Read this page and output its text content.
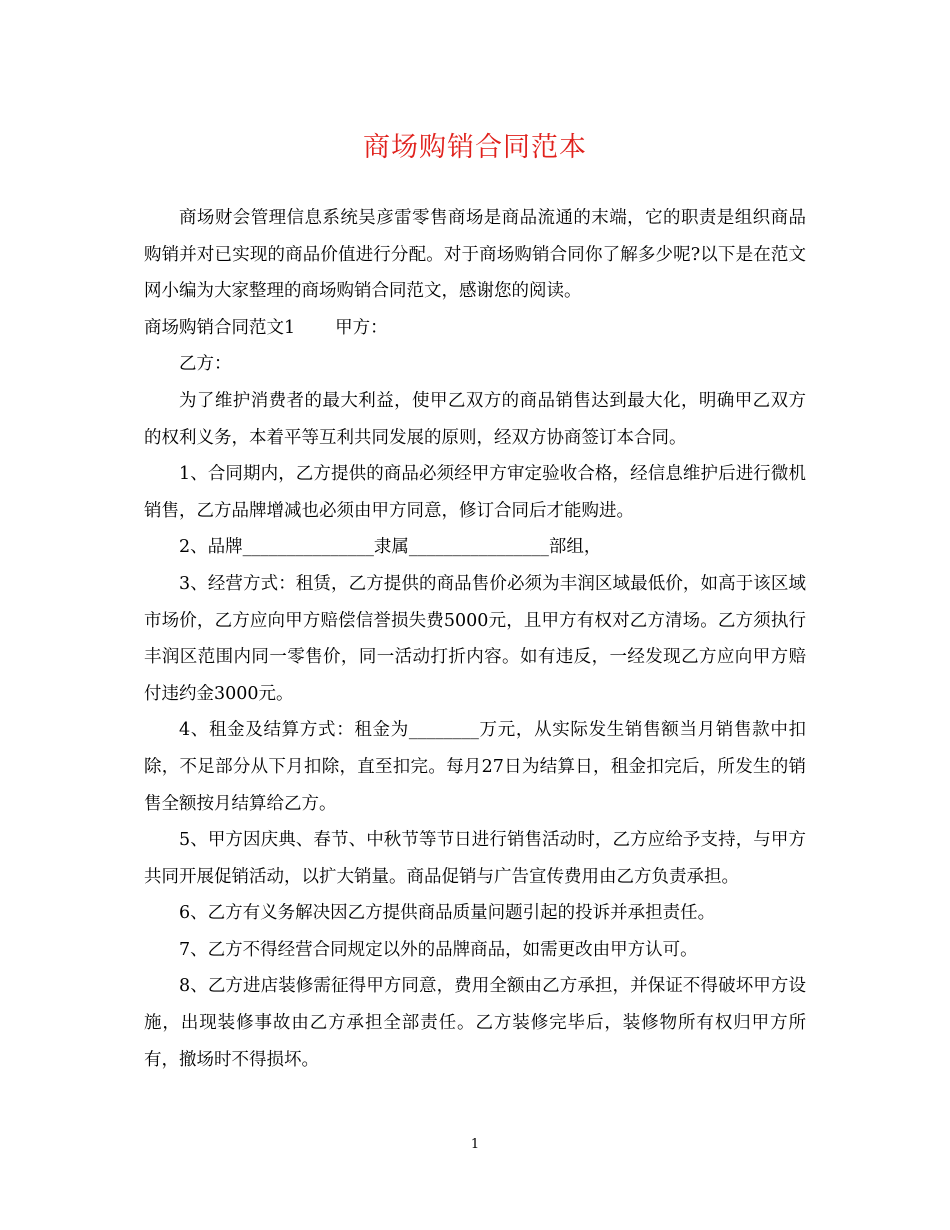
商场购销合同范本

商场财会管理信息系统吴彦雷零售商场是商品流通的末端，它的职责是组织商品购销并对已实现的商品价值进行分配。对于商场购销合同你了解多少呢?以下是在范文网小编为大家整理的商场购销合同范文，感谢您的阅读。

商场购销合同范文1 甲方：

乙方：

为了维护消费者的最大利益，使甲乙双方的商品销售达到最大化，明确甲乙双方的权利义务，本着平等互利共同发展的原则，经双方协商签订本合同。

1、合同期内，乙方提供的商品必须经甲方审定验收合格，经信息维护后进行微机销售，乙方品牌增减也必须由甲方同意，修订合同后才能购进。

2、品牌_______________隶属________________部组，

3、经营方式：租赁，乙方提供的商品售价必须为丰润区域最低价，如高于该区域市场价，乙方应向甲方赔偿信誉损失费5000元，且甲方有权对乙方清场。乙方须执行丰润区范围内同一零售价，同一活动打折内容。如有违反，一经发现乙方应向甲方赔付违约金3000元。

4、租金及结算方式：租金为________万元，从实际发生销售额当月销售款中扣除，不足部分从下月扣除，直至扣完。每月27日为结算日，租金扣完后，所发生的销售全额按月结算给乙方。

5、甲方因庆典、春节、中秋节等节日进行销售活动时，乙方应给予支持，与甲方共同开展促销活动，以扩大销量。商品促销与广告宣传费用由乙方负责承担。

6、乙方有义务解决因乙方提供商品质量问题引起的投诉并承担责任。

7、乙方不得经营合同规定以外的品牌商品，如需更改由甲方认可。

8、乙方进店装修需征得甲方同意，费用全额由乙方承担，并保证不得破坏甲方设施，出现装修事故由乙方承担全部责任。乙方装修完毕后，装修物所有权归甲方所有，撤场时不得损坏。

1
